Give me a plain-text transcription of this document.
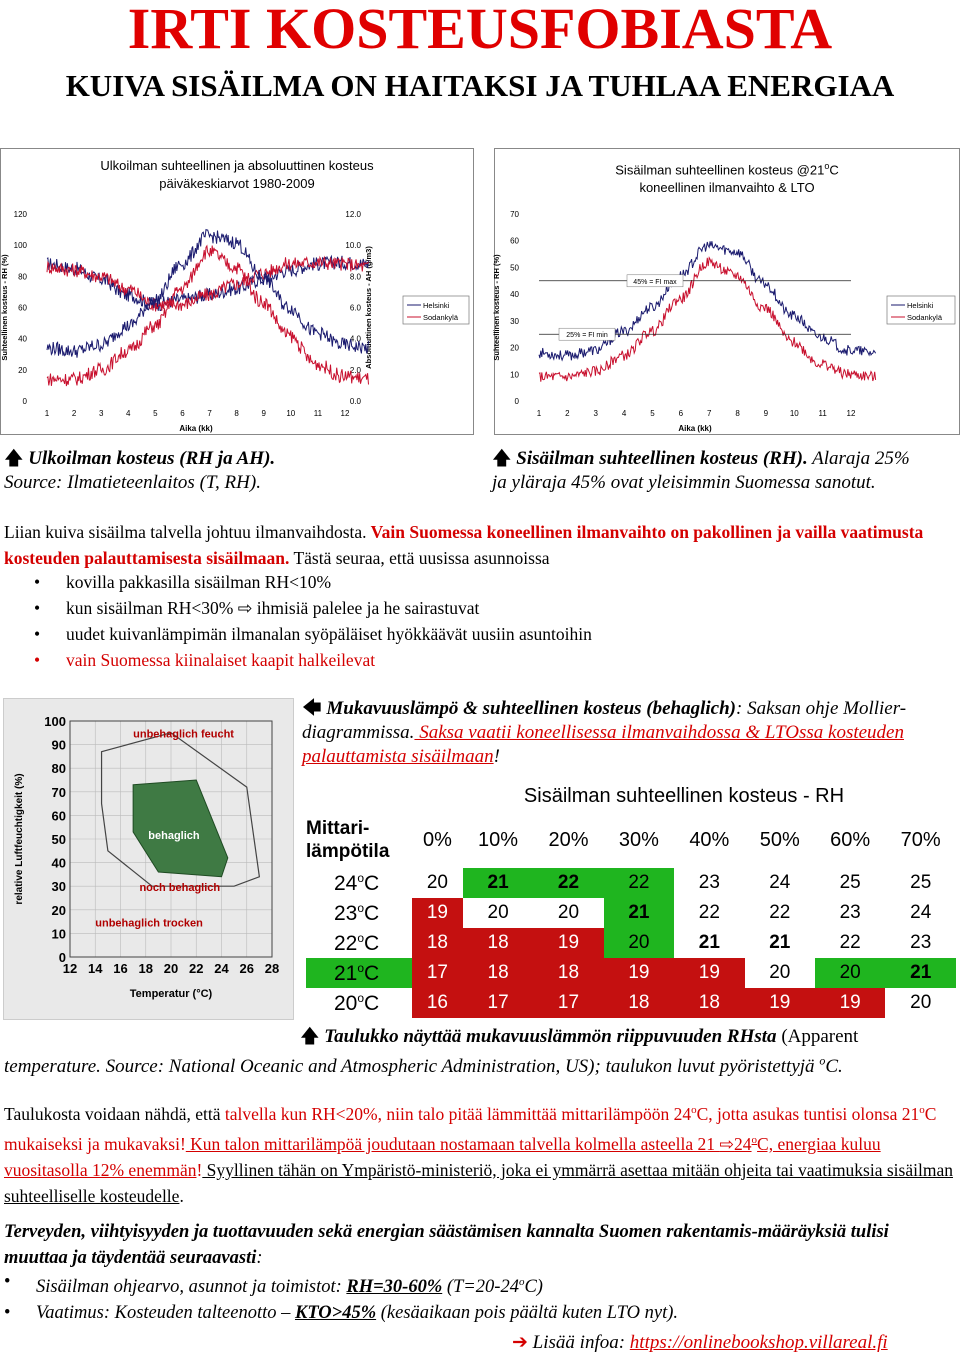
IRTI KOSTEUSFOBIASTA
KUIVA SISÄILMA ON HAITAKSI JA TUHLAA ENERGIAA
Ulkoilman suhteellinen ja absoluuttinen kosteus
päiväkeskiarvot 1980-2009
0
20
40
60
80
100
120
0.0
2.0
4.0
6.0
8.0
10.0
12.0
1	2	3	4	5	6	7	8	9	10 11 12
Aika (kk)
Suhteellinen kosteus - RH (%)	Absoluuttinen kosteus - AH (g/m3)	Helsinki
Sodankylä
Sisäilman suhteellinen kosteus @21$^o$C
koneellinen ilmanvaihto & LTO
0
10
20
30
40
50
60
70
1	2	3	4	5	6	7	8	9	10 11 12
Aika (kk)
Suhteellinen kosteus - RH (%)	45% = FI max
25% = FI min
Helsinki
Sodankylä
🡅 Ulkoilman kosteus (RH ja AH).
Source: Ilmatieteenlaitos (T, RH).
🡅 Sisäilman suhteellinen kosteus (RH). Alaraja 25%
ja yläraja 45% ovat yleisimmin Suomessa sanotut.
Liian kuiva sisäilma talvella johtuu ilmanvaihdosta. Vain Suomessa koneellinen ilmanvaihto on pakollinen ja vailla vaatimusta kosteuden palauttamisesta sisäilmaan. Tästä seuraa, että uusissa asunnoissa
• kovilla pakkasilla sisäilman RH<10%
• kun sisäilman RH<30% ⇨ ihmisiä palelee ja he sairastuvat
• uudet kuivanlämpimän ilmanalan syöpäläiset hyökkäävät uusiin asuntoihin
• vain Suomessa kiinalaiset kaapit halkeilevat
100
90
80
70
60
50
40
30
20
10
0
12 14 16 18 20 22 24 26 28
Temperatur (°C)
relative Luftfeuchtigkeit (%)
unbehaglich feucht
behaglich
noch behaglich
unbehaglich trocken
🡄 Mukavuuslämpö & suhteellinen kosteus (behaglich): Saksan ohje Mollier-diagrammissa. Saksa vaatii koneellisessa ilmanvaihdossa & LTOssa kosteuden palauttamista sisäilmaan!
	Sisäilman suhteellinen kosteus - RH							
Mittari-
lämpötila	0%	10%	20%	30%	40%	50%	60%	70%
24$^o$C	20	21	22	22	23	24	25	25
23$^o$C	19	20	20	21	22	22	23	24
22$^o$C	18	18	19	20	21	21	22	23
21$^o$C	17	18	18	19	19	20	20	21
20$^o$C	16	17	17	18	18	19	19	20
🡅 Taulukko näyttää mukavuuslämmön riippuvuuden RHsta (Apparent temperature. Source: National Oceanic and Atmospheric Administration, US); taulukon luvut pyöristettyjä $^o$C.
Taulukosta voidaan nähdä, että talvella kun RH<20%, niin talo pitää lämmittää mittarilämpöön 24$^o$C, jotta asukas tuntisi olonsa 21$^o$C mukaiseksi ja mukavaksi! Kun talon mittarilämpöä joudutaan nostamaan talvella kolmella asteella 21 ⇨24$^o$C, energiaa kuluu vuositasolla 12% enemmän! Syyllinen tähän on Ympäristö-ministeriö, joka ei ymmärrä asettaa mitään ohjeita tai vaatimuksia sisäilman suhteelliselle kosteudelle.
Terveyden, viihtyisyyden ja tuottavuuden sekä energian säästämisen kannalta Suomen rakentamis-määräyksiä tulisi muuttaa ja täydentää seuraavasti:
• Sisäilman ohjearvo, asunnot ja toimistot: RH=30-60% $(T=20-24^oC)$
• Vaatimus: Kosteuden talteenotto – KTO>45% (kesäaikaan pois päältä kuten LTO nyt).
➔ Lisää infoa: https://onlinebookshop.villareal.fi
